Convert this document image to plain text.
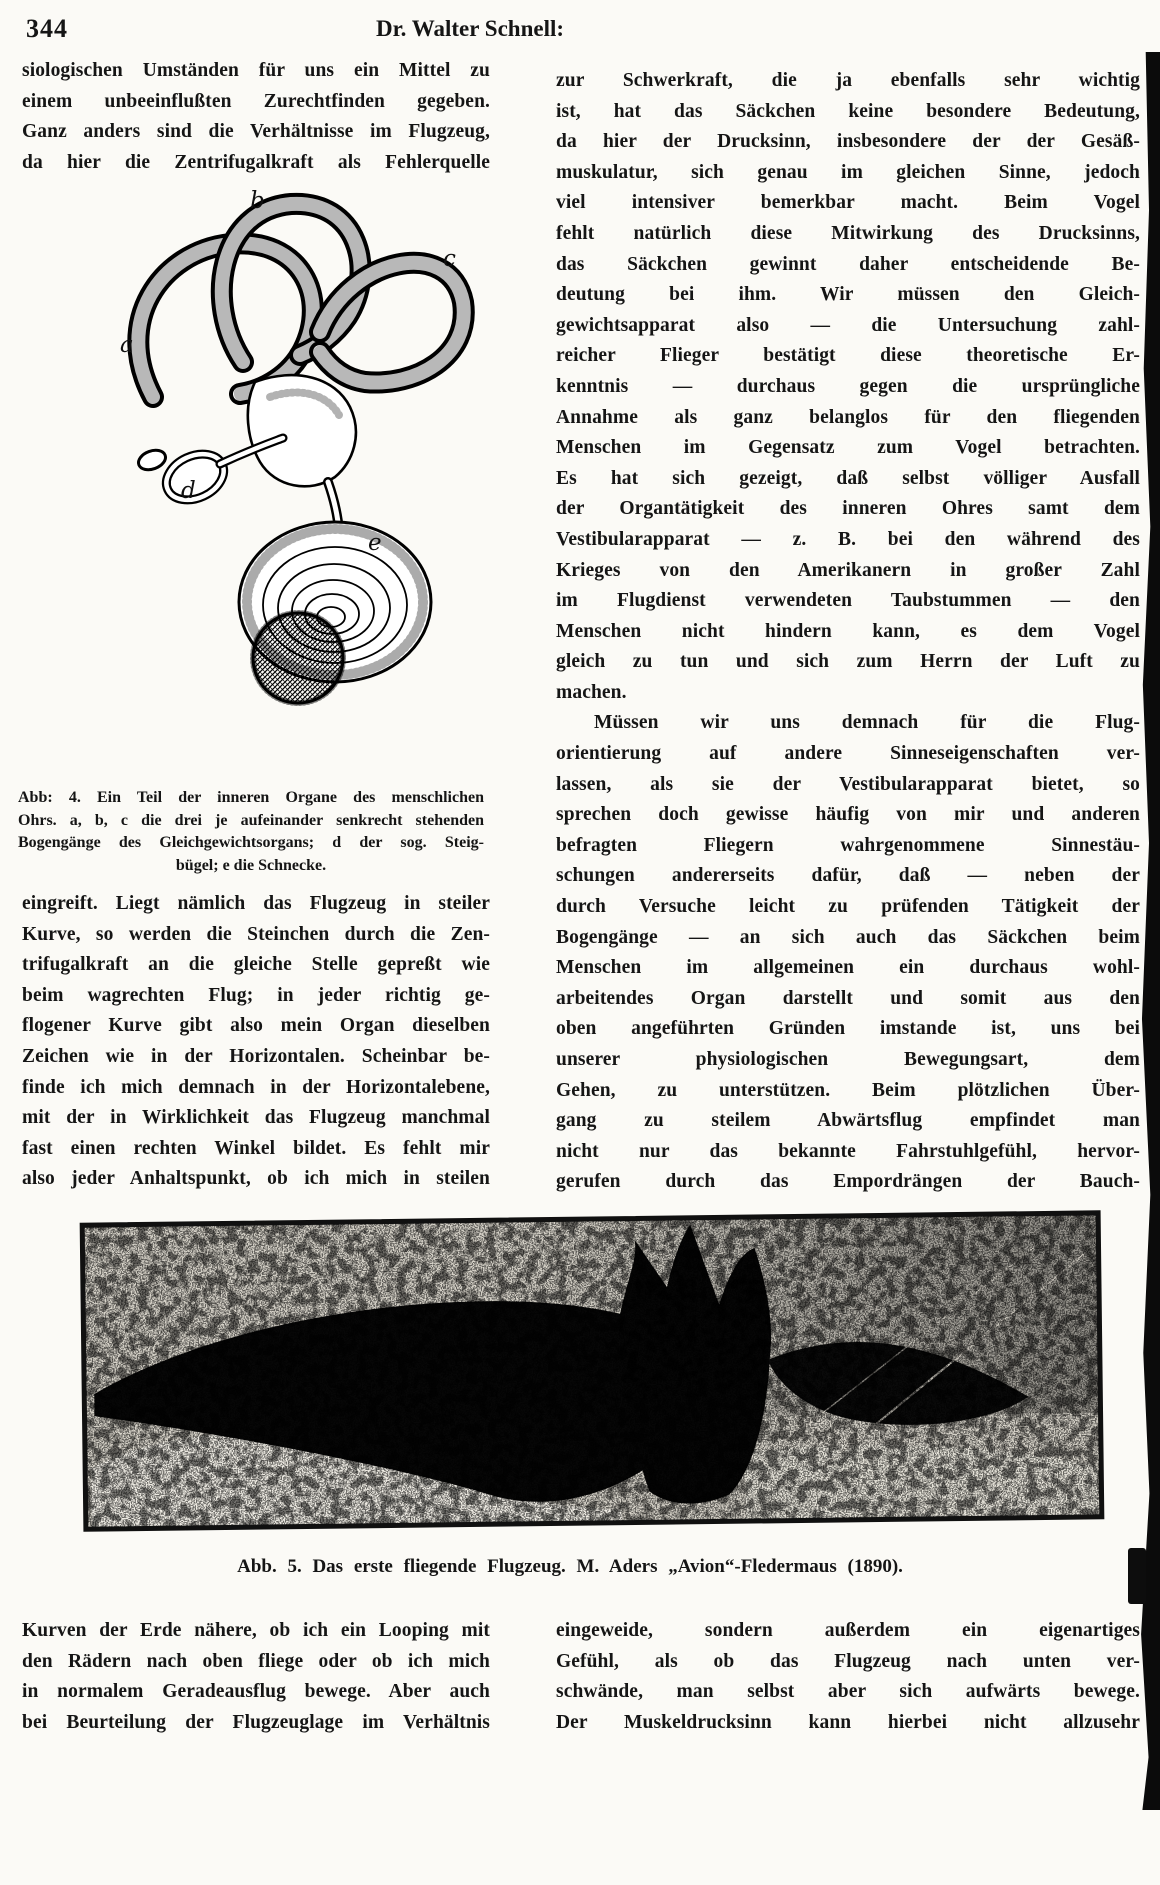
344	Dr. Walter Schnell:
siologischen Umständen für uns ein Mittel zu
einem unbeeinflußten Zurechtfinden gegeben.
Ganz anders sind die Verhältnisse im Flugzeug,
da hier die Zentrifugalkraft als Fehlerquelle
a
b
c
d
e
Abb: 4. Ein Teil der inneren Organe des menschlichen
Ohrs. a, b, c die drei je aufeinander senkrecht stehenden
Bogengänge des Gleichgewichtsorgans; d der sog. Steig-
bügel; e die Schnecke.
eingreift. Liegt nämlich das Flugzeug in steiler
Kurve, so werden die Steinchen durch die Zen-
trifugalkraft an die gleiche Stelle gepreßt wie
beim wagrechten Flug; in jeder richtig ge-
flogener Kurve gibt also mein Organ dieselben
Zeichen wie in der Horizontalen. Scheinbar be-
finde ich mich demnach in der Horizontalebene,
mit der in Wirklichkeit das Flugzeug manchmal
fast einen rechten Winkel bildet. Es fehlt mir
also jeder Anhaltspunkt, ob ich mich in steilen
zur Schwerkraft, die ja ebenfalls sehr wichtig
ist, hat das Säckchen keine besondere Bedeutung,
da hier der Drucksinn, insbesondere der der Gesäß-
muskulatur, sich genau im gleichen Sinne, jedoch
viel intensiver bemerkbar macht. Beim Vogel
fehlt natürlich diese Mitwirkung des Drucksinns,
das Säckchen gewinnt daher entscheidende Be-
deutung bei ihm. Wir müssen den Gleich-
gewichtsapparat also — die Untersuchung zahl-
reicher Flieger bestätigt diese theoretische Er-
kenntnis — durchaus gegen die ursprüngliche
Annahme als ganz belanglos für den fliegenden
Menschen im Gegensatz zum Vogel betrachten.
Es hat sich gezeigt, daß selbst völliger Ausfall
der Organtätigkeit des inneren Ohres samt dem
Vestibularapparat — z. B. bei den während des
Krieges von den Amerikanern in großer Zahl
im Flugdienst verwendeten Taubstummen — den
Menschen nicht hindern kann, es dem Vogel
gleich zu tun und sich zum Herrn der Luft zu
machen.
Müssen wir uns demnach für die Flug-
orientierung auf andere Sinneseigenschaften ver-
lassen, als sie der Vestibularapparat bietet, so
sprechen doch gewisse häufig von mir und anderen
befragten Fliegern wahrgenommene Sinnestäu-
schungen andererseits dafür, daß — neben der
durch Versuche leicht zu prüfenden Tätigkeit der
Bogengänge — an sich auch das Säckchen beim
Menschen im allgemeinen ein durchaus wohl-
arbeitendes Organ darstellt und somit aus den
oben angeführten Gründen imstande ist, uns bei
unserer physiologischen Bewegungsart, dem
Gehen, zu unterstützen. Beim plötzlichen Über-
gang zu steilem Abwärtsflug empfindet man
nicht nur das bekannte Fahrstuhlgefühl, hervor-
gerufen durch das Empordrängen der Bauch-
Abb. 5. Das erste fliegende Flugzeug. M. Aders „Avion“-Fledermaus (1890).
Kurven der Erde nähere, ob ich ein Looping mit
den Rädern nach oben fliege oder ob ich mich
in normalem Geradeausflug bewege. Aber auch
bei Beurteilung der Flugzeuglage im Verhältnis
eingeweide, sondern außerdem ein eigenartiges
Gefühl, als ob das Flugzeug nach unten ver-
schwände, man selbst aber sich aufwärts bewege.
Der Muskeldrucksinn kann hierbei nicht allzusehr
